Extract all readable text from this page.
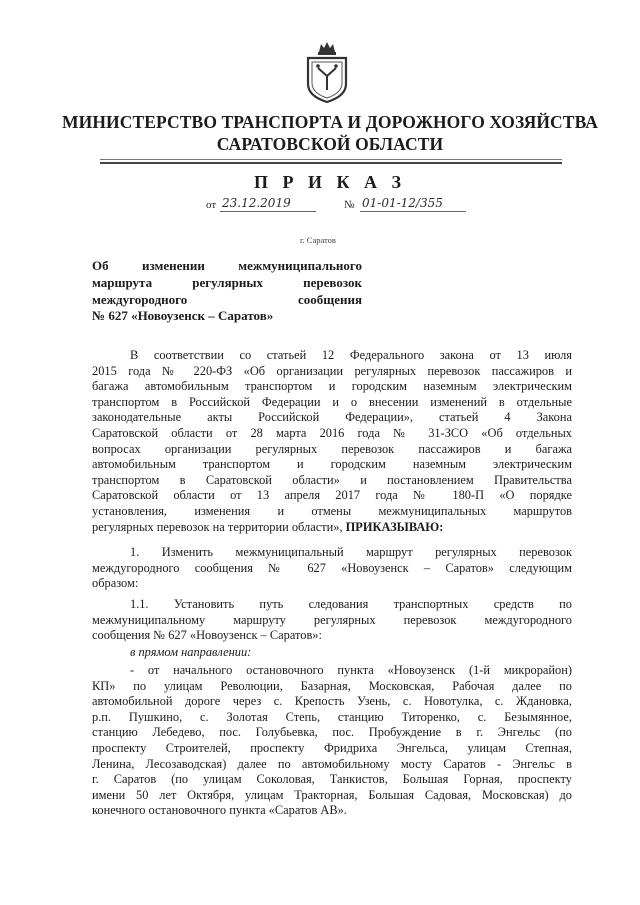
МИНИСТЕРСТВО ТРАНСПОРТА И ДОРОЖНОГО ХОЗЯЙСТВА
САРАТОВСКОЙ ОБЛАСТИ
П Р И К А З
от 23.12.2019	№ 01-01-12/355
г. Саратов
Об изменении межмуниципального
маршрута регулярных перевозок
междугородного сообщения
№ 627 «Новоузенск – Саратов»
В соответствии со статьей 12 Федерального закона от 13 июля
2015 года № 220-ФЗ «Об организации регулярных перевозок пассажиров и
багажа автомобильным транспортом и городским наземным электрическим
транспортом в Российской Федерации и о внесении изменений в отдельные
законодательные акты Российской Федерации», статьей 4 Закона
Саратовской области от 28 марта 2016 года № 31-ЗСО «Об отдельных
вопросах организации регулярных перевозок пассажиров и багажа
автомобильным транспортом и городским наземным электрическим
транспортом в Саратовской области» и постановлением Правительства
Саратовской области от 13 апреля 2017 года № 180-П «О порядке
установления, изменения и отмены межмуниципальных маршрутов
регулярных перевозок на территории области», ПРИКАЗЫВАЮ:
1. Изменить межмуниципальный маршрут регулярных перевозок
междугородного сообщения № 627 «Новоузенск – Саратов» следующим
образом:
1.1. Установить путь следования транспортных средств по
межмуниципальному маршруту регулярных перевозок междугородного
сообщения № 627 «Новоузенск – Саратов»:
в прямом направлении:
- от начального остановочного пункта «Новоузенск (1-й микрорайон)
КП» по улицам Революции, Базарная, Московская, Рабочая далее по
автомобильной дороге через с. Крепость Узень, с. Новотулка, с. Ждановка,
р.п. Пушкино, с. Золотая Степь, станцию Титоренко, с. Безымянное,
станцию Лебедево, пос. Голубьевка, пос. Пробуждение в г. Энгельс (по
проспекту Строителей, проспекту Фридриха Энгельса, улицам Степная,
Ленина, Лесозаводская) далее по автомобильному мосту Саратов - Энгельс в
г. Саратов (по улицам Соколовая, Танкистов, Большая Горная, проспекту
имени 50 лет Октября, улицам Тракторная, Большая Садовая, Московская) до
конечного остановочного пункта «Саратов АВ».
